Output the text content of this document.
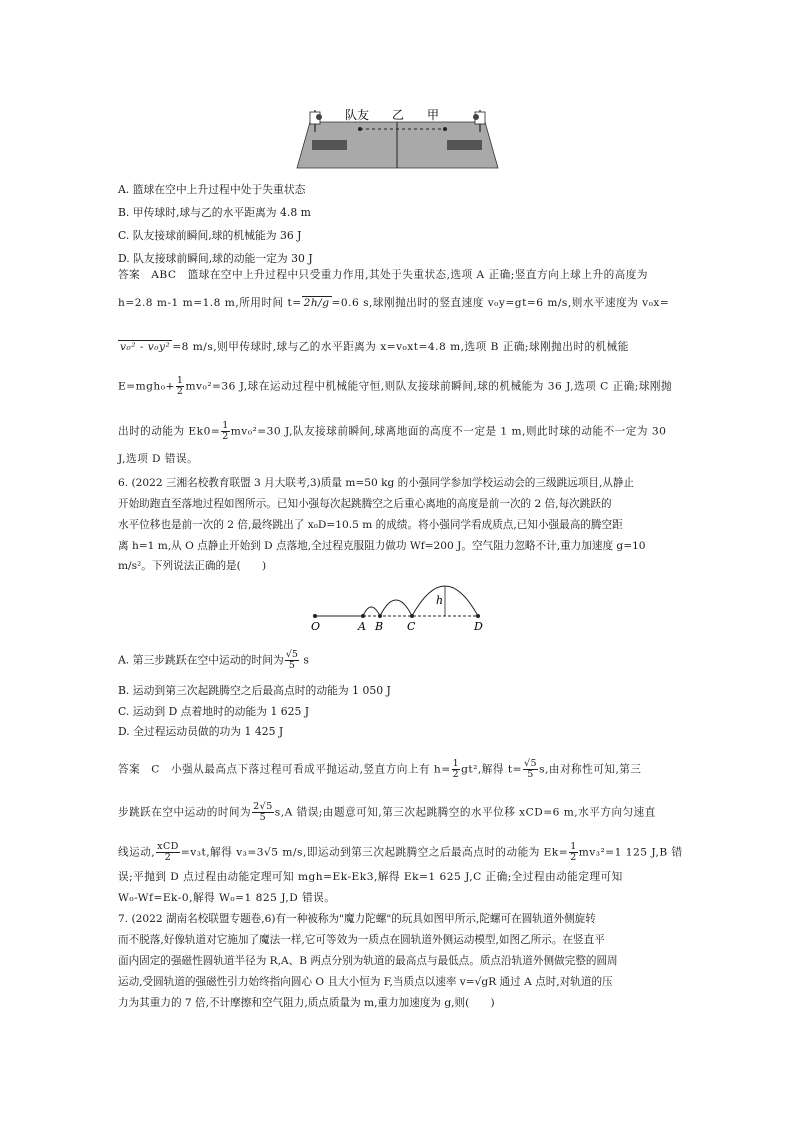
队友 乙 甲
A. 篮球在空中上升过程中处于失重状态
B. 甲传球时,球与乙的水平距离为 4.8 m
C. 队友接球前瞬间,球的机械能为 36 J
D. 队友接球前瞬间,球的动能一定为 30 J
答案　ABC　篮球在空中上升过程中只受重力作用,其处于失重状态,选项 A 正确;竖直方向上球上升的高度为
h=2.8 m-1 m=1.8 m,所用时间 t= 2h/g =0.6 s,球刚抛出时的竖直速度 v₀y=gt=6 m/s,则水平速度为 v₀x=
v₀² - v₀y² =8 m/s,则甲传球时,球与乙的水平距离为 x=v₀xt=4.8 m,选项 B 正确;球刚抛出时的机械能
$E=mgh_0+ \frac{1}{2} mv_0^2=36$ J,球在运动过程中机械能守恒,则队友接球前瞬间,球的机械能为 36 J,选项 C 正确;球刚抛
出时的动能为 $Ek0= \frac{1}{2} mv_0^2=30$ J,队友接球前瞬间,球离地面的高度不一定是 1 m,则此时球的动能不一定为 30
J,选项 D 错误。
6. (2022 三湘名校教育联盟 3 月大联考,3)质量 m=50 kg 的小强同学参加学校运动会的三级跳远项目,从静止
开始助跑直至落地过程如图所示。已知小强每次起跳腾空之后重心离地的高度是前一次的 2 倍,每次跳跃的
水平位移也是前一次的 2 倍,最终跳出了 x₀D=10.5 m 的成绩。将小强同学看成质点,已知小强最高的腾空距
离 h=1 m,从 O 点静止开始到 D 点落地,全过程克服阻力做功 Wf=200 J。空气阻力忽略不计,重力加速度 g=10
m/s²。下列说法正确的是(　　)
O	A B C	D
h
A. 第三步跳跃在空中运动的时间为 $\frac{√5}{5}$ s
B. 运动到第三次起跳腾空之后最高点时的动能为 1 050 J
C. 运动到 D 点着地时的动能为 1 625 J
D. 全过程运动员做的功为 1 425 J
答案　C　小强从最高点下落过程可看成平抛运动,竖直方向上有 $h= \frac{1}{2} gt^2$,解得 $t= \frac{√5}{5} s$,由对称性可知,第三
步跳跃在空中运动的时间为 $\frac{2√5}{5} s,A$ 错误;由题意可知,第三次起跳腾空的水平位移 xCD=6 m,水平方向匀速直
线运动, $\frac{\text{xCD}}{2} =v_3t$,解得 v₃=3√5 m/s,即运动到第三次起跳腾空之后最高点时的动能为 $Ek= \frac{1}{2} mv_3^2=1$ 125 J,B 错
误;平抛到 D 点过程由动能定理可知 mgh=Ek-Ek3,解得 Ek=1 625 J,C 正确;全过程由动能定理可知
W₀-Wf=Ek-0,解得 W₀=1 825 J,D 错误。
7. (2022 湖南名校联盟专题卷,6)有一种被称为"魔力陀螺"的玩具如图甲所示,陀螺可在圆轨道外侧旋转
而不脱落,好像轨道对它施加了魔法一样,它可等效为一质点在圆轨道外侧运动模型,如图乙所示。在竖直平
面内固定的强磁性圆轨道半径为 R,A、B 两点分别为轨道的最高点与最低点。质点沿轨道外侧做完整的圆周
运动,受圆轨道的强磁性引力始终指向圆心 O 且大小恒为 F,当质点以速率 v=√gR 通过 A 点时,对轨道的压
力为其重力的 7 倍,不计摩擦和空气阻力,质点质量为 m,重力加速度为 g,则(　　)
